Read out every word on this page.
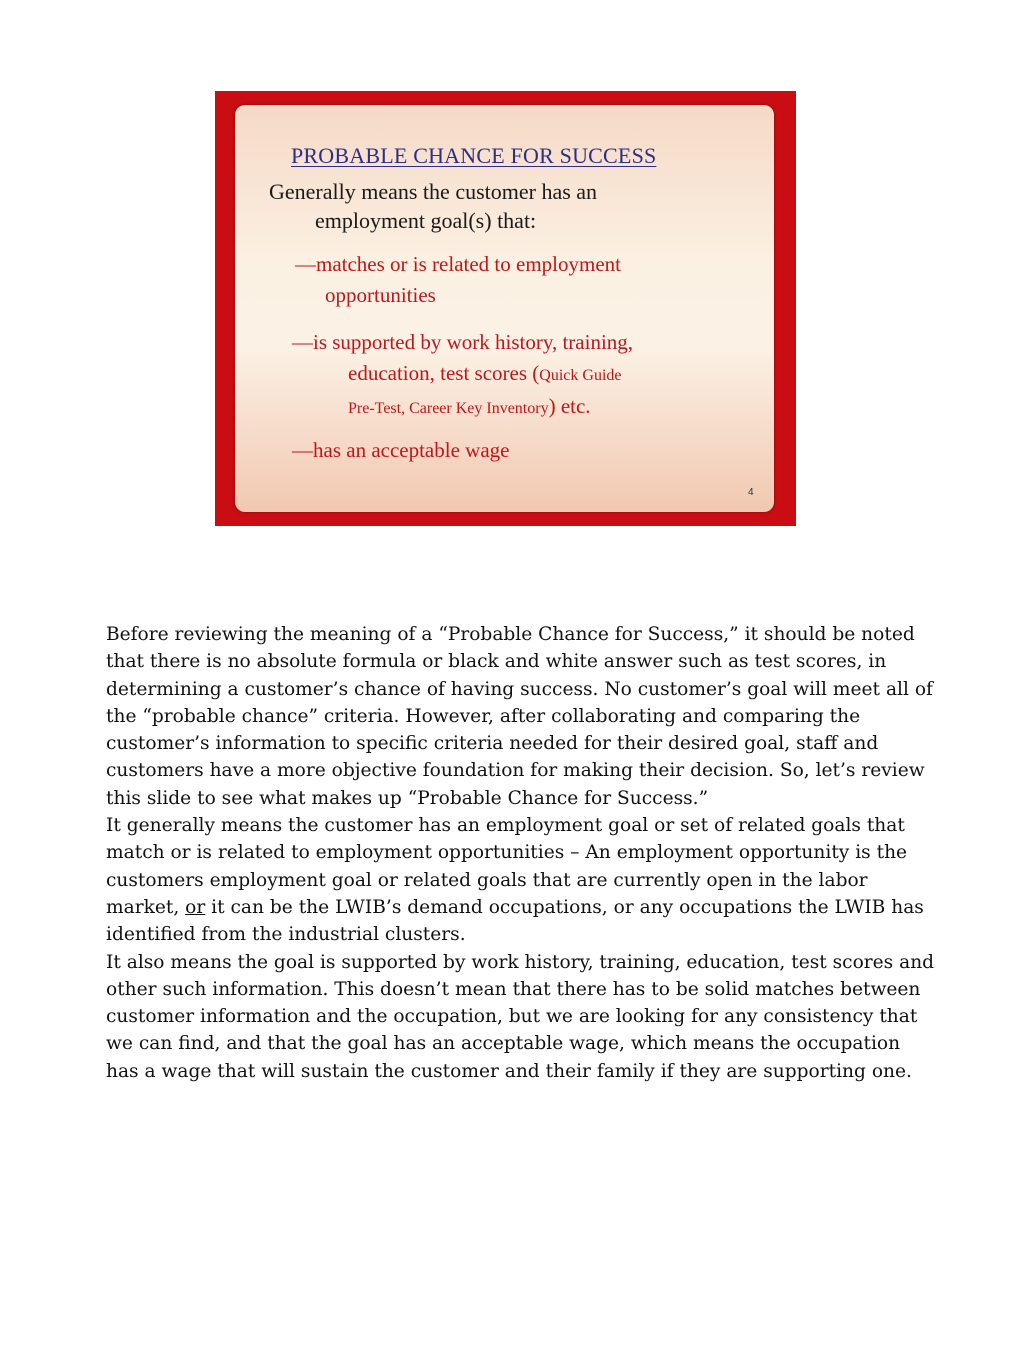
PROBABLE CHANCE FOR SUCCESS
Generally means the customer has an
employment goal(s) that:
—matches or is related to employment
opportunities
—is supported by work history, training,
education, test scores (Quick Guide
Pre-Test, Career Key Inventory) etc.
—has an acceptable wage
4

Before reviewing the meaning of a “Probable Chance for Success,” it should be noted that there is no absolute formula or black and white answer such as test scores, in determining a customer’s chance of having success. No customer’s goal will meet all of the “probable chance” criteria. However, after collaborating and comparing the customer’s information to specific criteria needed for their desired goal, staff and customers have a more objective foundation for making their decision. So, let’s review this slide to see what makes up “Probable Chance for Success.”

It generally means the customer has an employment goal or set of related goals that match or is related to employment opportunities – An employment opportunity is the customers employment goal or related goals that are currently open in the labor market, or it can be the LWIB’s demand occupations, or any occupations the LWIB has identified from the industrial clusters.

It also means the goal is supported by work history, training, education, test scores and other such information. This doesn’t mean that there has to be solid matches between customer information and the occupation, but we are looking for any consistency that we can find, and that the goal has an acceptable wage, which means the occupation has a wage that will sustain the customer and their family if they are supporting one.
